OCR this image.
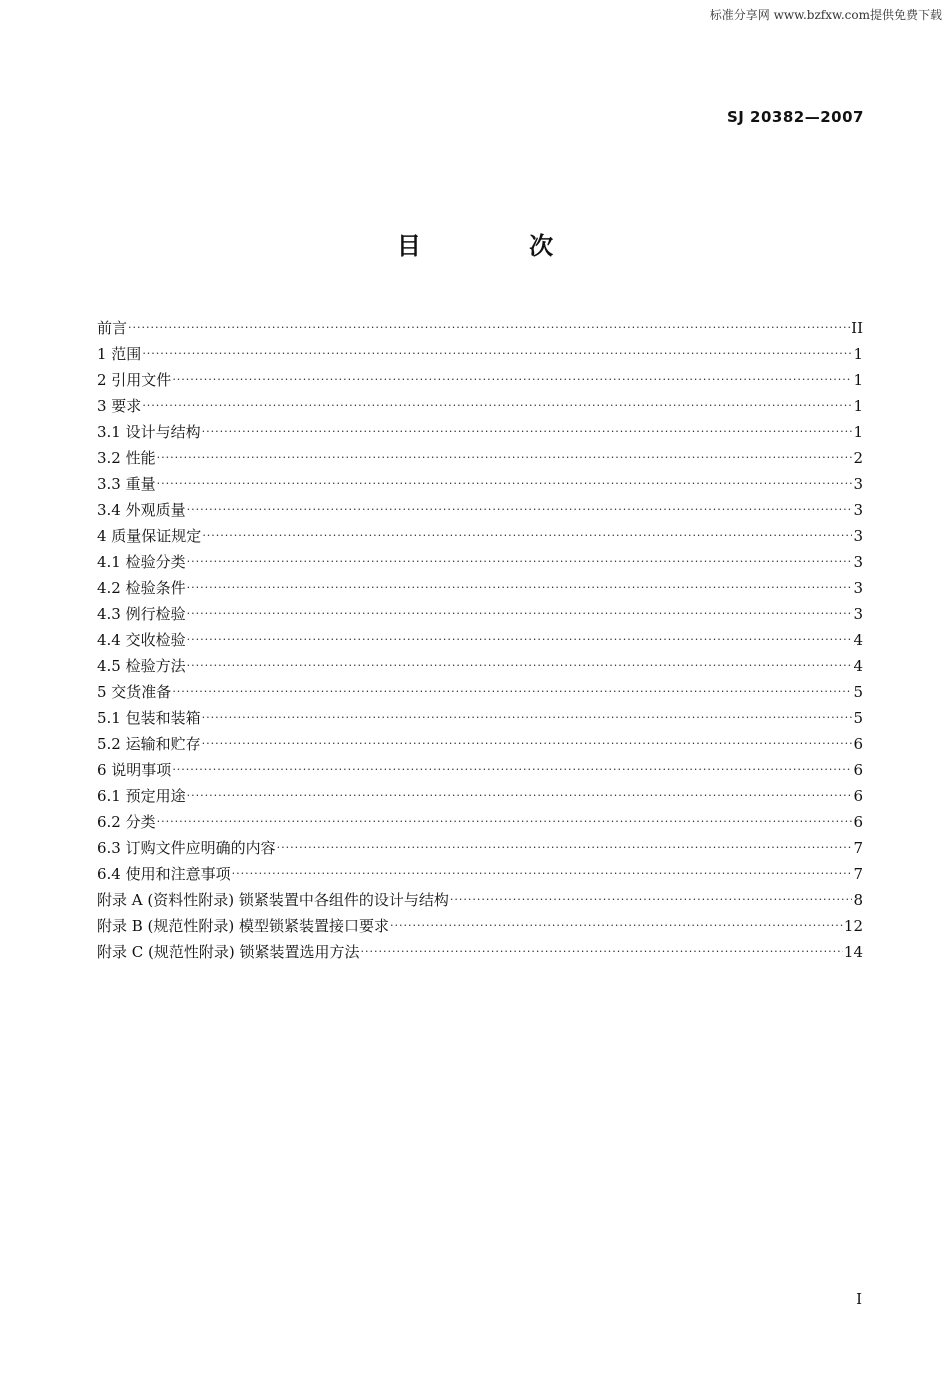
标准分享网 www.bzfxw.com提供免费下载
SJ 20382—2007
目 次
前言 .....	II
1 范围 .....	1
2 引用文件 .....	1
3 要求 .....	1
3.1 设计与结构 .....	1
3.2 性能 .....	2
3.3 重量 .....	3
3.4 外观质量 .....	3
4 质量保证规定 .....	3
4.1 检验分类 .....	3
4.2 检验条件 .....	3
4.3 例行检验 .....	3
4.4 交收检验 .....	4
4.5 检验方法 .....	4
5 交货准备 .....	5
5.1 包装和装箱 .....	5
5.2 运输和贮存 .....	6
6 说明事项 .....	6
6.1 预定用途 .....	6
6.2 分类 .....	6
6.3 订购文件应明确的内容 .....	7
6.4 使用和注意事项 .....	7
附录 A (资料性附录) 锁紧装置中各组件的设计与结构 .....	8
附录 B (规范性附录) 模型锁紧装置接口要求 .....	12
附录 C (规范性附录) 锁紧装置选用方法 .....	14
I
